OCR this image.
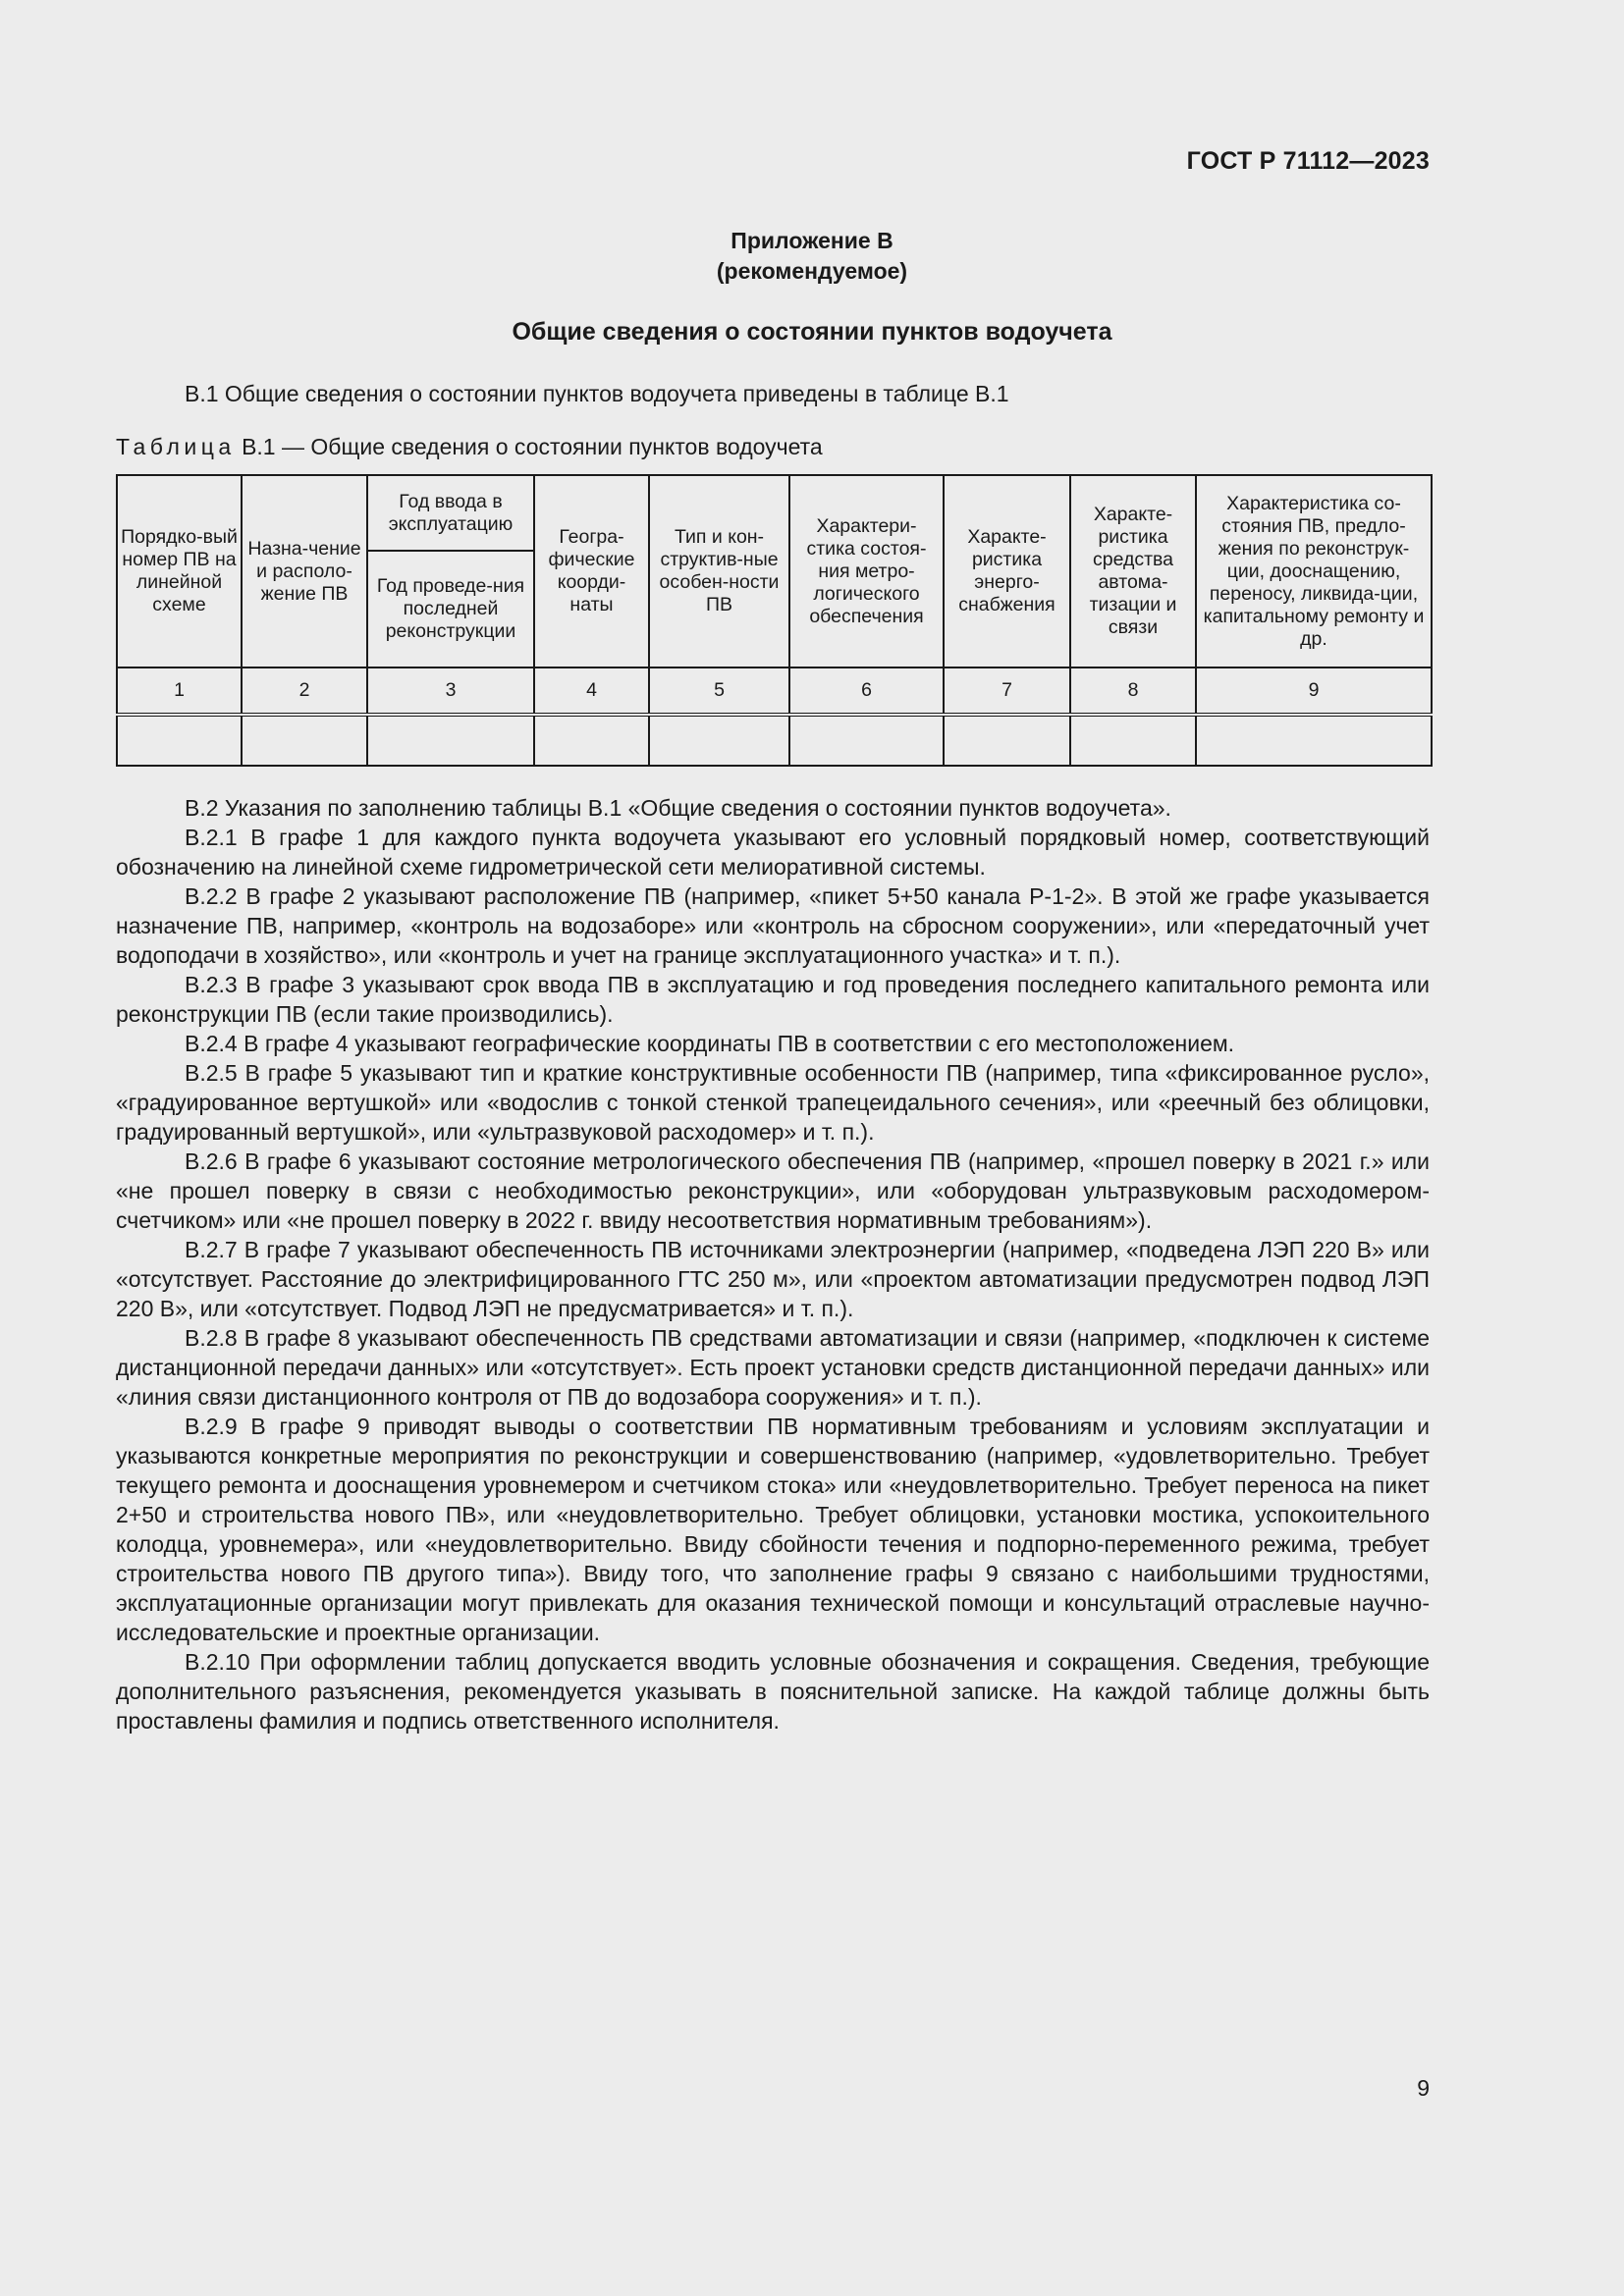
ГОСТ Р 71112—2023
Приложение В
(рекомендуемое)
Общие сведения о состоянии пунктов водоучета
В.1 Общие сведения о состоянии пунктов водоучета приведены в таблице В.1
Таблица В.1 — Общие сведения о состоянии пунктов водоучета
Порядко-вый номер ПВ на линейной схеме	Назна-чение и располо-жение ПВ	Год ввода в эксплуатацию	Геогра-фические коорди-наты	Тип и кон-структив-ные особен-ности ПВ	Характери-стика состоя-ния метро-логического обеспечения	Характе-ристика энерго-снабжения	Характе-ристика средства автома-тизации и связи	Характеристика со-стояния ПВ, предло-жения по реконструк-ции, дооснащению, переносу, ликвида-ции, капитальному ремонту и др.
		Год проведе-ния последней реконструкции						
1	2	3	4	5	6	7	8	9

В.2 Указания по заполнению таблицы В.1 «Общие сведения о состоянии пунктов водоучета».

В.2.1 В графе 1 для каждого пункта водоучета указывают его условный порядковый номер, соответствующий обозначению на линейной схеме гидрометрической сети мелиоративной системы.

В.2.2 В графе 2 указывают расположение ПВ (например, «пикет 5+50 канала Р-1-2». В этой же графе указывается назначение ПВ, например, «контроль на водозаборе» или «контроль на сбросном сооружении», или «передаточный учет водоподачи в хозяйство», или «контроль и учет на границе эксплуатационного участка» и т. п.).

В.2.3 В графе 3 указывают срок ввода ПВ в эксплуатацию и год проведения последнего капитального ремонта или реконструкции ПВ (если такие производились).

В.2.4 В графе 4 указывают географические координаты ПВ в соответствии с его местоположением.

В.2.5 В графе 5 указывают тип и краткие конструктивные особенности ПВ (например, типа «фиксированное русло», «градуированное вертушкой» или «водослив с тонкой стенкой трапецеидального сечения», или «реечный без облицовки, градуированный вертушкой», или «ультразвуковой расходомер» и т. п.).

В.2.6 В графе 6 указывают состояние метрологического обеспечения ПВ (например, «прошел поверку в 2021 г.» или «не прошел поверку в связи с необходимостью реконструкции», или «оборудован ультразвуковым расходомером-счетчиком» или «не прошел поверку в 2022 г. ввиду несоответствия нормативным требованиям»).

В.2.7 В графе 7 указывают обеспеченность ПВ источниками электроэнергии (например, «подведена ЛЭП 220 В» или «отсутствует. Расстояние до электрифицированного ГТС 250 м», или «проектом автоматизации предусмотрен подвод ЛЭП 220 В», или «отсутствует. Подвод ЛЭП не предусматривается» и т. п.).

В.2.8 В графе 8 указывают обеспеченность ПВ средствами автоматизации и связи (например, «подключен к системе дистанционной передачи данных» или «отсутствует». Есть проект установки средств дистанционной передачи данных» или «линия связи дистанционного контроля от ПВ до водозабора сооружения» и т. п.).

В.2.9 В графе 9 приводят выводы о соответствии ПВ нормативным требованиям и условиям эксплуатации и указываются конкретные мероприятия по реконструкции и совершенствованию (например, «удовлетворительно. Требует текущего ремонта и дооснащения уровнемером и счетчиком стока» или «неудовлетворительно. Требует переноса на пикет 2+50 и строительства нового ПВ», или «неудовлетворительно. Требует облицовки, установки мостика, успокоительного колодца, уровнемера», или «неудовлетворительно. Ввиду сбойности течения и подпорно-переменного режима, требует строительства нового ПВ другого типа»). Ввиду того, что заполнение графы 9 связано с наибольшими трудностями, эксплуатационные организации могут привлекать для оказания технической помощи и консультаций отраслевые научно-исследовательские и проектные организации.

В.2.10 При оформлении таблиц допускается вводить условные обозначения и сокращения. Сведения, требующие дополнительного разъяснения, рекомендуется указывать в пояснительной записке. На каждой таблице должны быть проставлены фамилия и подпись ответственного исполнителя.

9
